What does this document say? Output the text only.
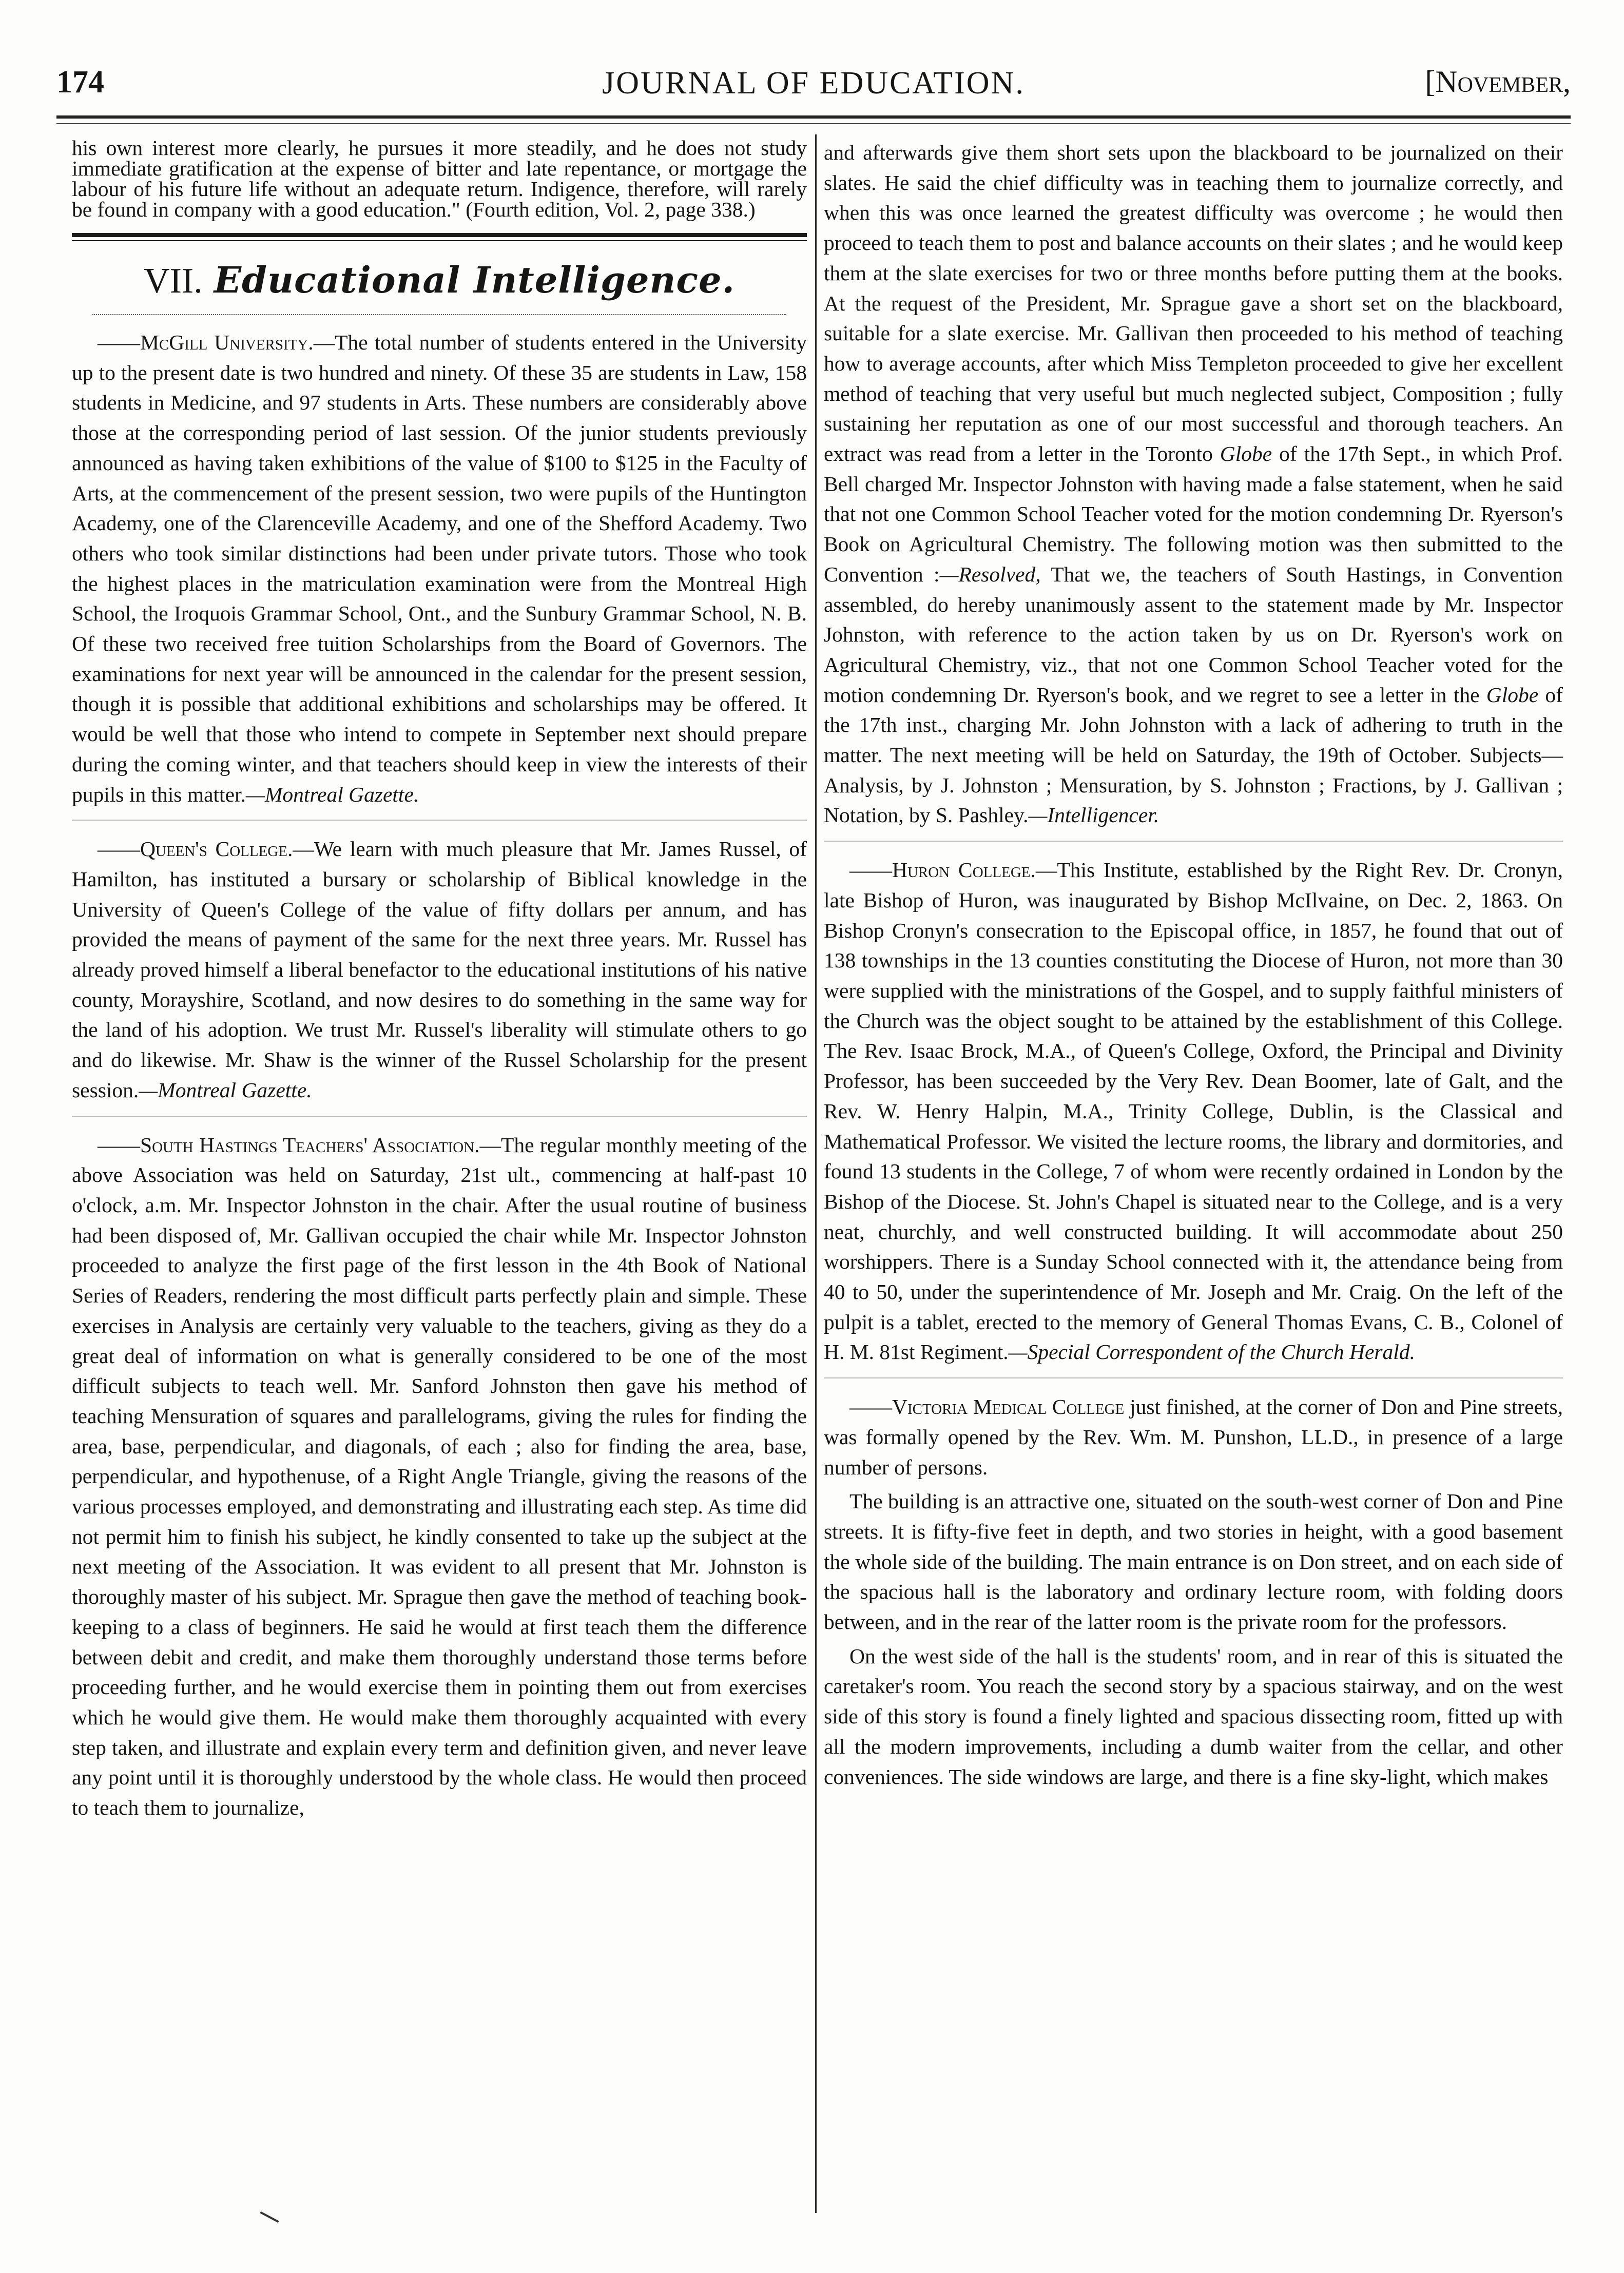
174	JOURNAL OF EDUCATION.	[November,

his own interest more clearly, he pursues it more steadily, and he does not study immediate gratification at the expense of bitter and late repentance, or mortgage the labour of his future life without an adequate return. Indigence, therefore, will rarely be found in company with a good education." (Fourth edition, Vol. 2, page 338.)

VII. Educational Intelligence.

——McGill University.—The total number of students entered in the University up to the present date is two hundred and ninety. Of these 35 are students in Law, 158 students in Medicine, and 97 students in Arts. These numbers are considerably above those at the corresponding period of last session. Of the junior students previously announced as having taken exhibitions of the value of $100 to $125 in the Faculty of Arts, at the commencement of the present session, two were pupils of the Huntington Academy, one of the Clarenceville Academy, and one of the Shefford Academy. Two others who took similar distinctions had been under private tutors. Those who took the highest places in the matriculation examination were from the Montreal High School, the Iroquois Grammar School, Ont., and the Sunbury Grammar School, N. B. Of these two received free tuition Scholarships from the Board of Governors. The examinations for next year will be announced in the calendar for the present session, though it is possible that additional exhibitions and scholarships may be offered. It would be well that those who intend to compete in September next should prepare during the coming winter, and that teachers should keep in view the interests of their pupils in this matter.—Montreal Gazette.

——Queen's College.—We learn with much pleasure that Mr. James Russel, of Hamilton, has instituted a bursary or scholarship of Biblical knowledge in the University of Queen's College of the value of fifty dollars per annum, and has provided the means of payment of the same for the next three years. Mr. Russel has already proved himself a liberal benefactor to the educational institutions of his native county, Morayshire, Scotland, and now desires to do something in the same way for the land of his adoption. We trust Mr. Russel's liberality will stimulate others to go and do likewise. Mr. Shaw is the winner of the Russel Scholarship for the present session.—Montreal Gazette.

——South Hastings Teachers' Association.—The regular monthly meeting of the above Association was held on Saturday, 21st ult., commencing at half-past 10 o'clock, a.m. Mr. Inspector Johnston in the chair. After the usual routine of business had been disposed of, Mr. Gallivan occupied the chair while Mr. Inspector Johnston proceeded to analyze the first page of the first lesson in the 4th Book of National Series of Readers, rendering the most difficult parts perfectly plain and simple. These exercises in Analysis are certainly very valuable to the teachers, giving as they do a great deal of information on what is generally considered to be one of the most difficult subjects to teach well. Mr. Sanford Johnston then gave his method of teaching Mensuration of squares and parallelograms, giving the rules for finding the area, base, perpendicular, and diagonals, of each ; also for finding the area, base, perpendicular, and hypothenuse, of a Right Angle Triangle, giving the reasons of the various processes employed, and demonstrating and illustrating each step. As time did not permit him to finish his subject, he kindly consented to take up the subject at the next meeting of the Association. It was evident to all present that Mr. Johnston is thoroughly master of his subject. Mr. Sprague then gave the method of teaching book-keeping to a class of beginners. He said he would at first teach them the difference between debit and credit, and make them thoroughly understand those terms before proceeding further, and he would exercise them in pointing them out from exercises which he would give them. He would make them thoroughly acquainted with every step taken, and illustrate and explain every term and definition given, and never leave any point until it is thoroughly understood by the whole class. He would then proceed to teach them to journalize,

and afterwards give them short sets upon the blackboard to be journalized on their slates. He said the chief difficulty was in teaching them to journalize correctly, and when this was once learned the greatest difficulty was overcome ; he would then proceed to teach them to post and balance accounts on their slates ; and he would keep them at the slate exercises for two or three months before putting them at the books. At the request of the President, Mr. Sprague gave a short set on the blackboard, suitable for a slate exercise. Mr. Gallivan then proceeded to his method of teaching how to average accounts, after which Miss Templeton proceeded to give her excellent method of teaching that very useful but much neglected subject, Composition ; fully sustaining her reputation as one of our most successful and thorough teachers. An extract was read from a letter in the Toronto Globe of the 17th Sept., in which Prof. Bell charged Mr. Inspector Johnston with having made a false statement, when he said that not one Common School Teacher voted for the motion condemning Dr. Ryerson's Book on Agricultural Chemistry. The following motion was then submitted to the Convention :—Resolved, That we, the teachers of South Hastings, in Convention assembled, do hereby unanimously assent to the statement made by Mr. Inspector Johnston, with reference to the action taken by us on Dr. Ryerson's work on Agricultural Chemistry, viz., that not one Common School Teacher voted for the motion condemning Dr. Ryerson's book, and we regret to see a letter in the Globe of the 17th inst., charging Mr. John Johnston with a lack of adhering to truth in the matter. The next meeting will be held on Saturday, the 19th of October. Subjects—Analysis, by J. Johnston ; Mensuration, by S. Johnston ; Fractions, by J. Gallivan ; Notation, by S. Pashley.—Intelligencer.

——Huron College.—This Institute, established by the Right Rev. Dr. Cronyn, late Bishop of Huron, was inaugurated by Bishop McIlvaine, on Dec. 2, 1863. On Bishop Cronyn's consecration to the Episcopal office, in 1857, he found that out of 138 townships in the 13 counties constituting the Diocese of Huron, not more than 30 were supplied with the ministrations of the Gospel, and to supply faithful ministers of the Church was the object sought to be attained by the establishment of this College. The Rev. Isaac Brock, M.A., of Queen's College, Oxford, the Principal and Divinity Professor, has been succeeded by the Very Rev. Dean Boomer, late of Galt, and the Rev. W. Henry Halpin, M.A., Trinity College, Dublin, is the Classical and Mathematical Professor. We visited the lecture rooms, the library and dormitories, and found 13 students in the College, 7 of whom were recently ordained in London by the Bishop of the Diocese. St. John's Chapel is situated near to the College, and is a very neat, churchly, and well constructed building. It will accommodate about 250 worshippers. There is a Sunday School connected with it, the attendance being from 40 to 50, under the superintendence of Mr. Joseph and Mr. Craig. On the left of the pulpit is a tablet, erected to the memory of General Thomas Evans, C. B., Colonel of H. M. 81st Regiment.—Special Correspondent of the Church Herald.

——Victoria Medical College just finished, at the corner of Don and Pine streets, was formally opened by the Rev. Wm. M. Punshon, LL.D., in presence of a large number of persons.

The building is an attractive one, situated on the south-west corner of Don and Pine streets. It is fifty-five feet in depth, and two stories in height, with a good basement the whole side of the building. The main entrance is on Don street, and on each side of the spacious hall is the laboratory and ordinary lecture room, with folding doors between, and in the rear of the latter room is the private room for the professors.

On the west side of the hall is the students' room, and in rear of this is situated the caretaker's room. You reach the second story by a spacious stairway, and on the west side of this story is found a finely lighted and spacious dissecting room, fitted up with all the modern improvements, including a dumb waiter from the cellar, and other conveniences. The side windows are large, and there is a fine sky-light, which makes
